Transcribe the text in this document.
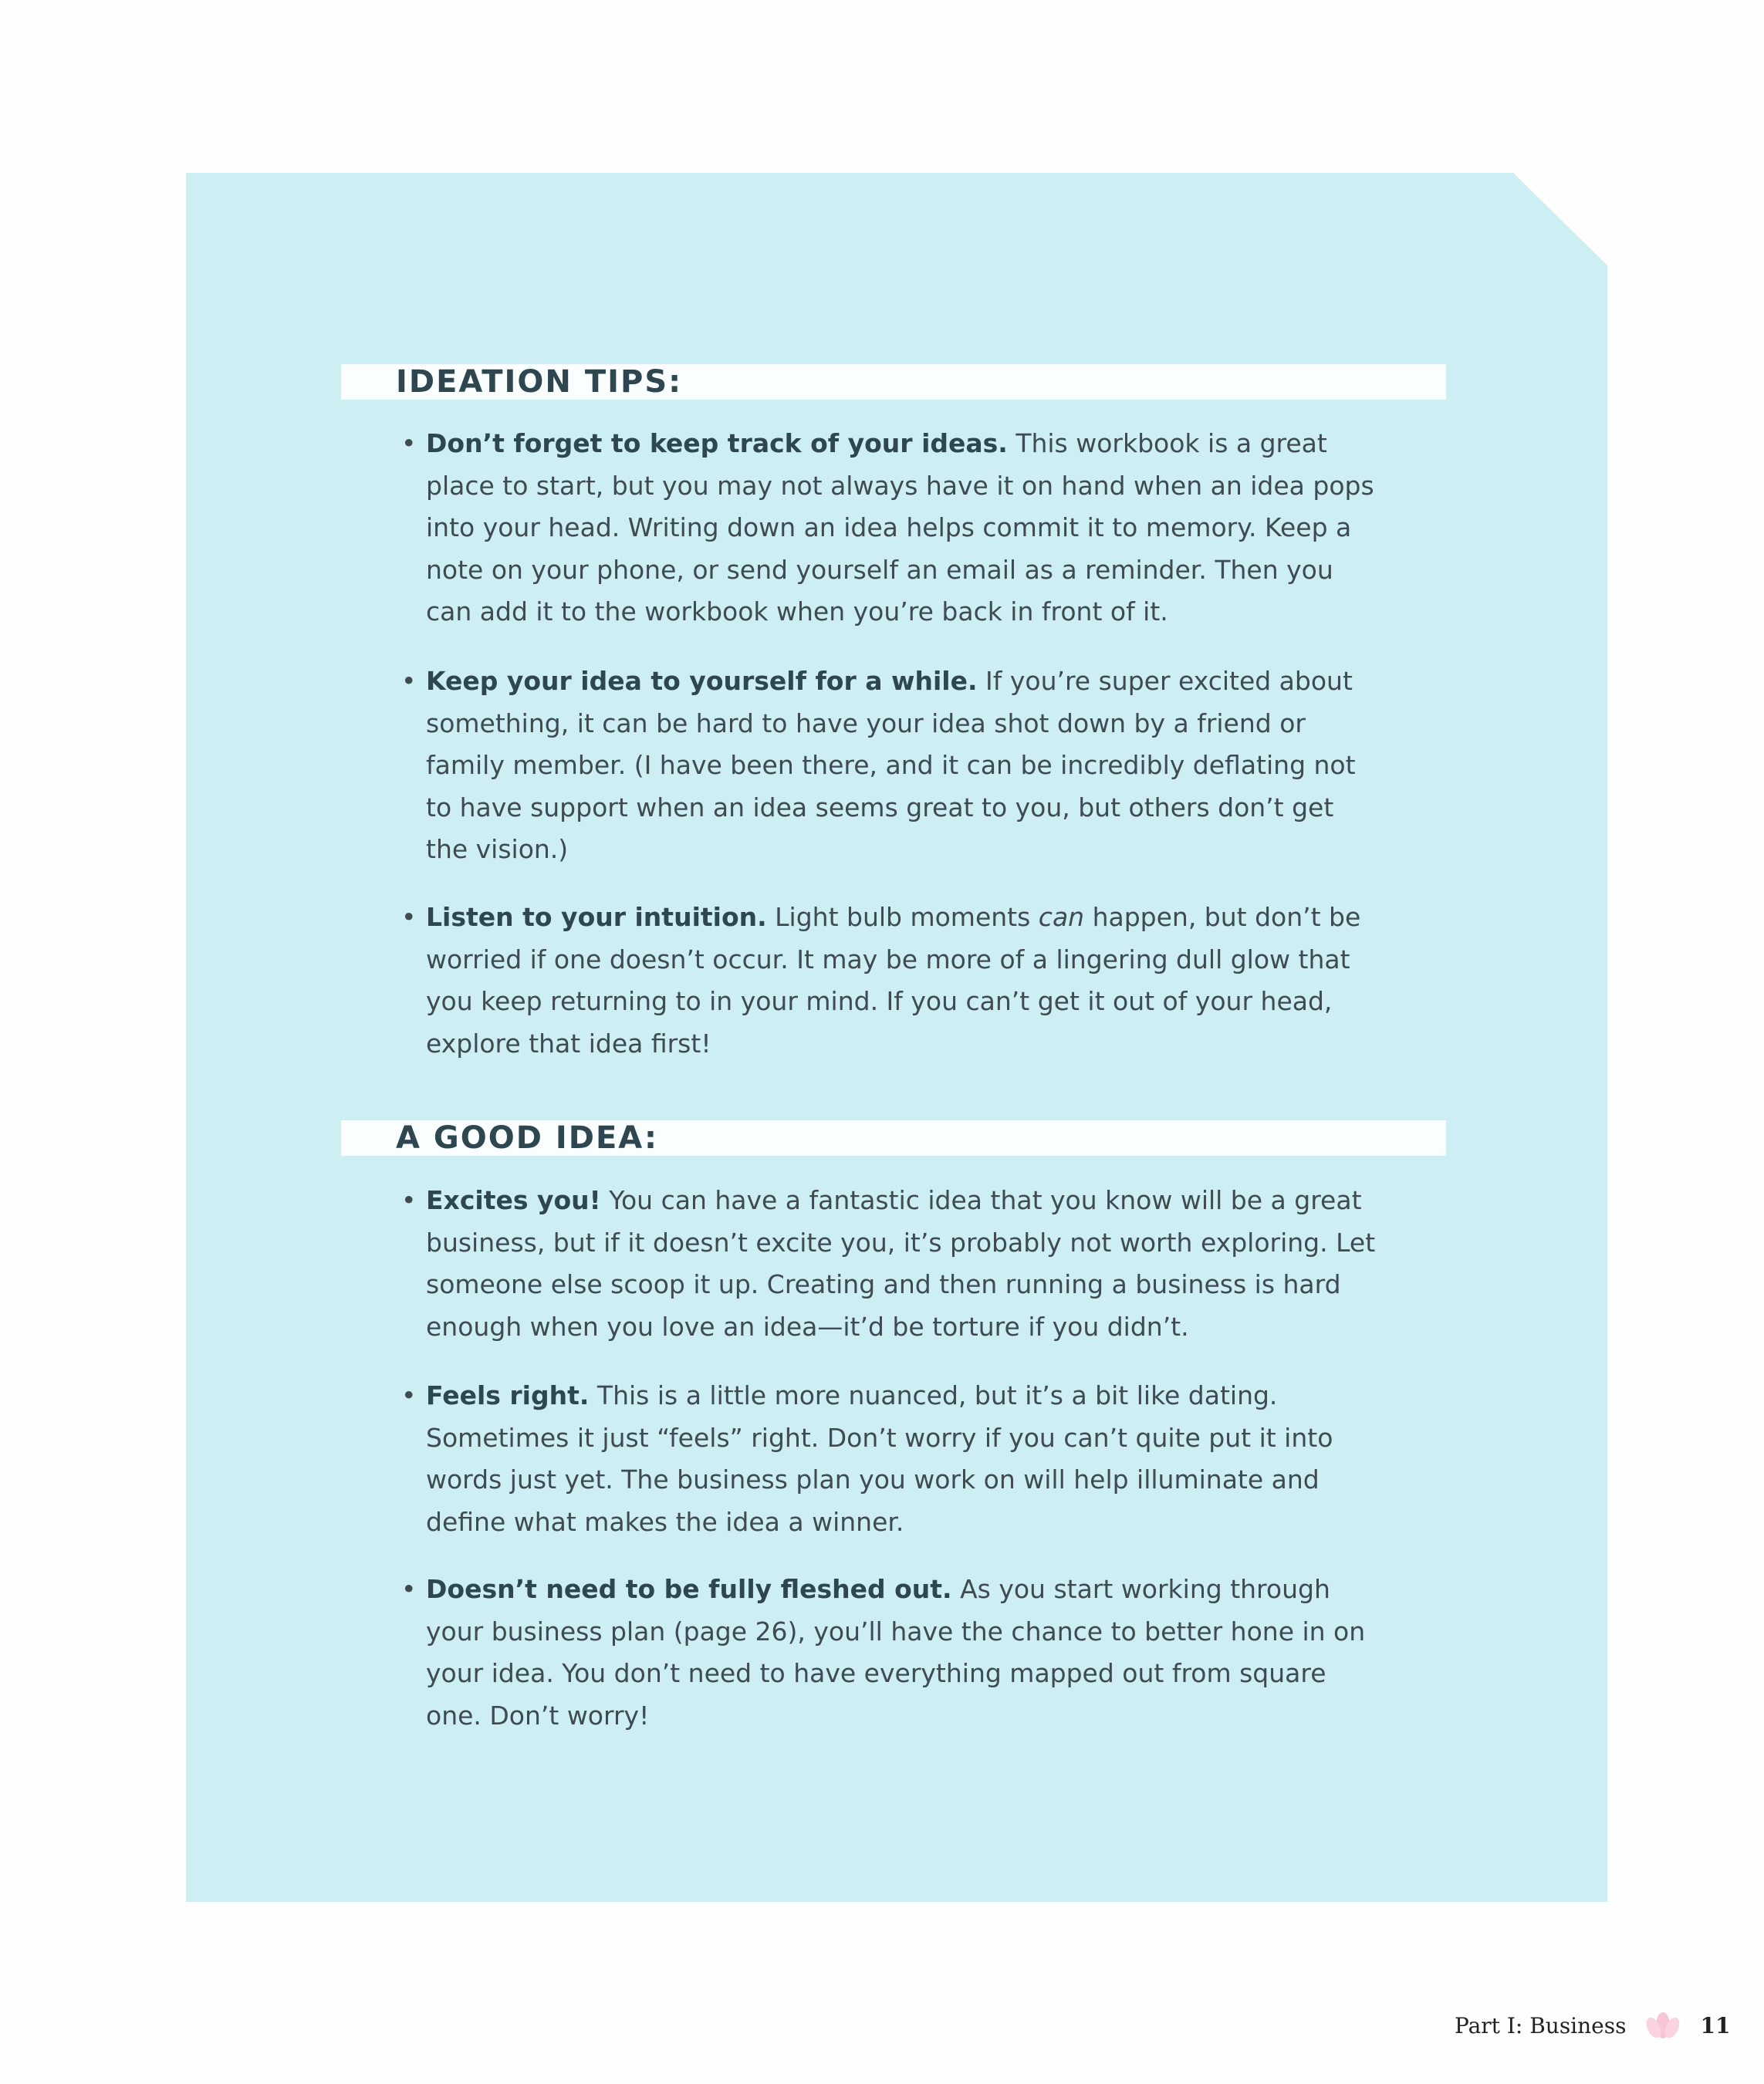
IDEATION TIPS:
• Don’t forget to keep track of your ideas. This workbook is a great place to start, but you may not always have it on hand when an idea pops into your head. Writing down an idea helps commit it to memory. Keep a note on your phone, or send yourself an email as a reminder. Then you can add it to the workbook when you’re back in front of it.
• Keep your idea to yourself for a while. If you’re super excited about something, it can be hard to have your idea shot down by a friend or family member. (I have been there, and it can be incredibly deflating not to have support when an idea seems great to you, but others don’t get the vision.)
• Listen to your intuition. Light bulb moments can happen, but don’t be worried if one doesn’t occur. It may be more of a lingering dull glow that you keep returning to in your mind. If you can’t get it out of your head, explore that idea first!
A GOOD IDEA:
• Excites you! You can have a fantastic idea that you know will be a great business, but if it doesn’t excite you, it’s probably not worth exploring. Let someone else scoop it up. Creating and then running a business is hard enough when you love an idea—it’d be torture if you didn’t.
• Feels right. This is a little more nuanced, but it’s a bit like dating. Sometimes it just “feels” right. Don’t worry if you can’t quite put it into words just yet. The business plan you work on will help illuminate and define what makes the idea a winner.
• Doesn’t need to be fully fleshed out. As you start working through your business plan (page 26), you’ll have the chance to better hone in on your idea. You don’t need to have everything mapped out from square one. Don’t worry!
Part I: Business	11
